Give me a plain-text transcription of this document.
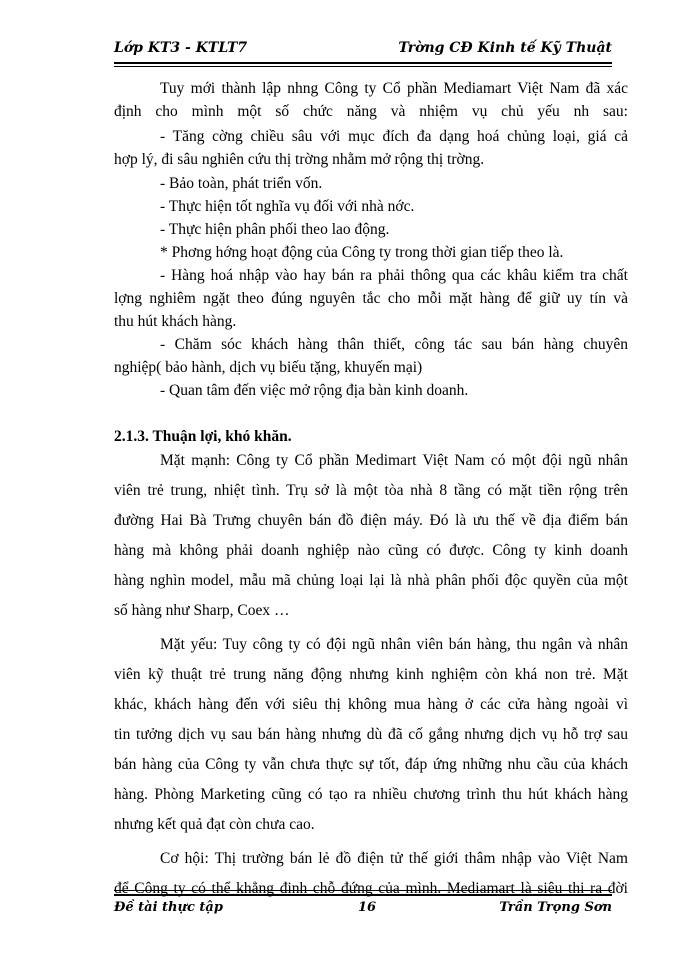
Lớp KT3 - KTLT7	Trờng CĐ Kinh tế Kỹ Thuật
Tuy mới thành lập nhng Công ty Cổ phần Mediamart Việt Nam đã xác
định cho mình một số chức năng và nhiệm vụ chủ yếu nh sau:
- Tăng cờng chiều sâu với mục đích đa dạng hoá chủng loại, giá cả
hợp lý, đi sâu nghiên cứu thị trờng nhằm mở rộng thị trờng.
- Bảo toàn, phát triển vốn.
- Thực hiện tốt nghĩa vụ đối với nhà nớc.
- Thực hiện phân phối theo lao động.
* Phơng hớng hoạt động của Công ty trong thời gian tiếp theo là.
- Hàng hoá nhập vào hay bán ra phải thông qua các khâu kiểm tra chất
lợng nghiêm ngặt theo đúng nguyên tắc cho mỗi mặt hàng để giữ uy tín và
thu hút khách hàng.
- Chăm sóc khách hàng thân thiết, công tác sau bán hàng chuyên
nghiệp( bảo hành, dịch vụ biếu tặng, khuyến mại)
- Quan tâm đến việc mở rộng địa bàn kinh doanh.
2.1.3. Thuận lợi, khó khăn.
Mặt mạnh: Công ty Cổ phần Medimart Việt Nam có một đội ngũ nhân
viên trẻ trung, nhiệt tình. Trụ sở là một tòa nhà 8 tầng có mặt tiền rộng trên
đường Hai Bà Trưng chuyên bán đồ điện máy. Đó là ưu thế về địa điểm bán
hàng mà không phải doanh nghiệp nào cũng có được. Công ty kinh doanh
hàng nghìn model, mẫu mã chủng loại lại là nhà phân phối độc quyền của một
số hàng như Sharp, Coex …
Mặt yếu: Tuy công ty có đội ngũ nhân viên bán hàng, thu ngân và nhân
viên kỹ thuật trẻ trung năng động nhưng kinh nghiệm còn khá non trẻ. Mặt
khác, khách hàng đến với siêu thị không mua hàng ở các cửa hàng ngoài vì
tin tưởng dịch vụ sau bán hàng nhưng dù đã cố gắng nhưng dịch vụ hỗ trợ sau
bán hàng của Công ty vẫn chưa thực sự tốt, đáp ứng những nhu cầu của khách
hàng. Phòng Marketing cũng có tạo ra nhiều chương trình thu hút khách hàng
nhưng kết quả đạt còn chưa cao.
Cơ hội: Thị trường bán lẻ đồ điện tử thế giới thâm nhập vào Việt Nam
để Công ty có thể khẳng định chỗ đứng của mình. Mediamart là siêu thị ra đời
Đề tài thực tập	16	Trần Trọng Sơn
